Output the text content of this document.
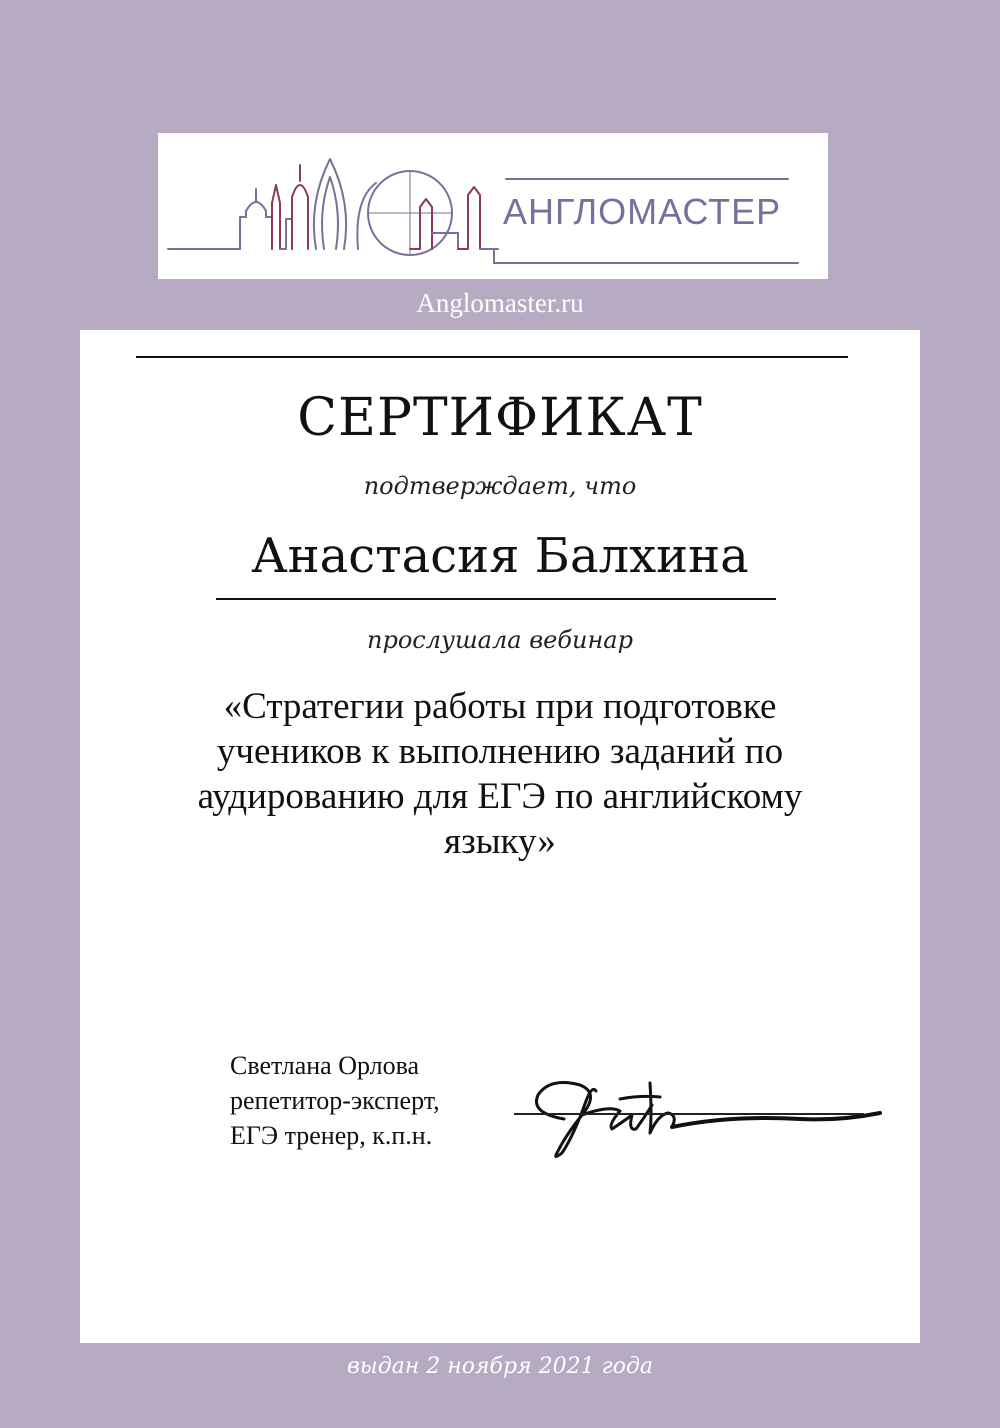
АНГЛОМАСТЕР
Anglomaster.ru
СЕРТИФИКАТ
подтверждает, что
Анастасия Балхина
прослушала вебинар
«Стратегии работы при подготовке
учеников к выполнению заданий по
аудированию для ЕГЭ по английскому
языку»
Светлана Орлова
репетитор-эксперт,
ЕГЭ тренер, к.п.н.
выдан 2 ноября 2021 года
